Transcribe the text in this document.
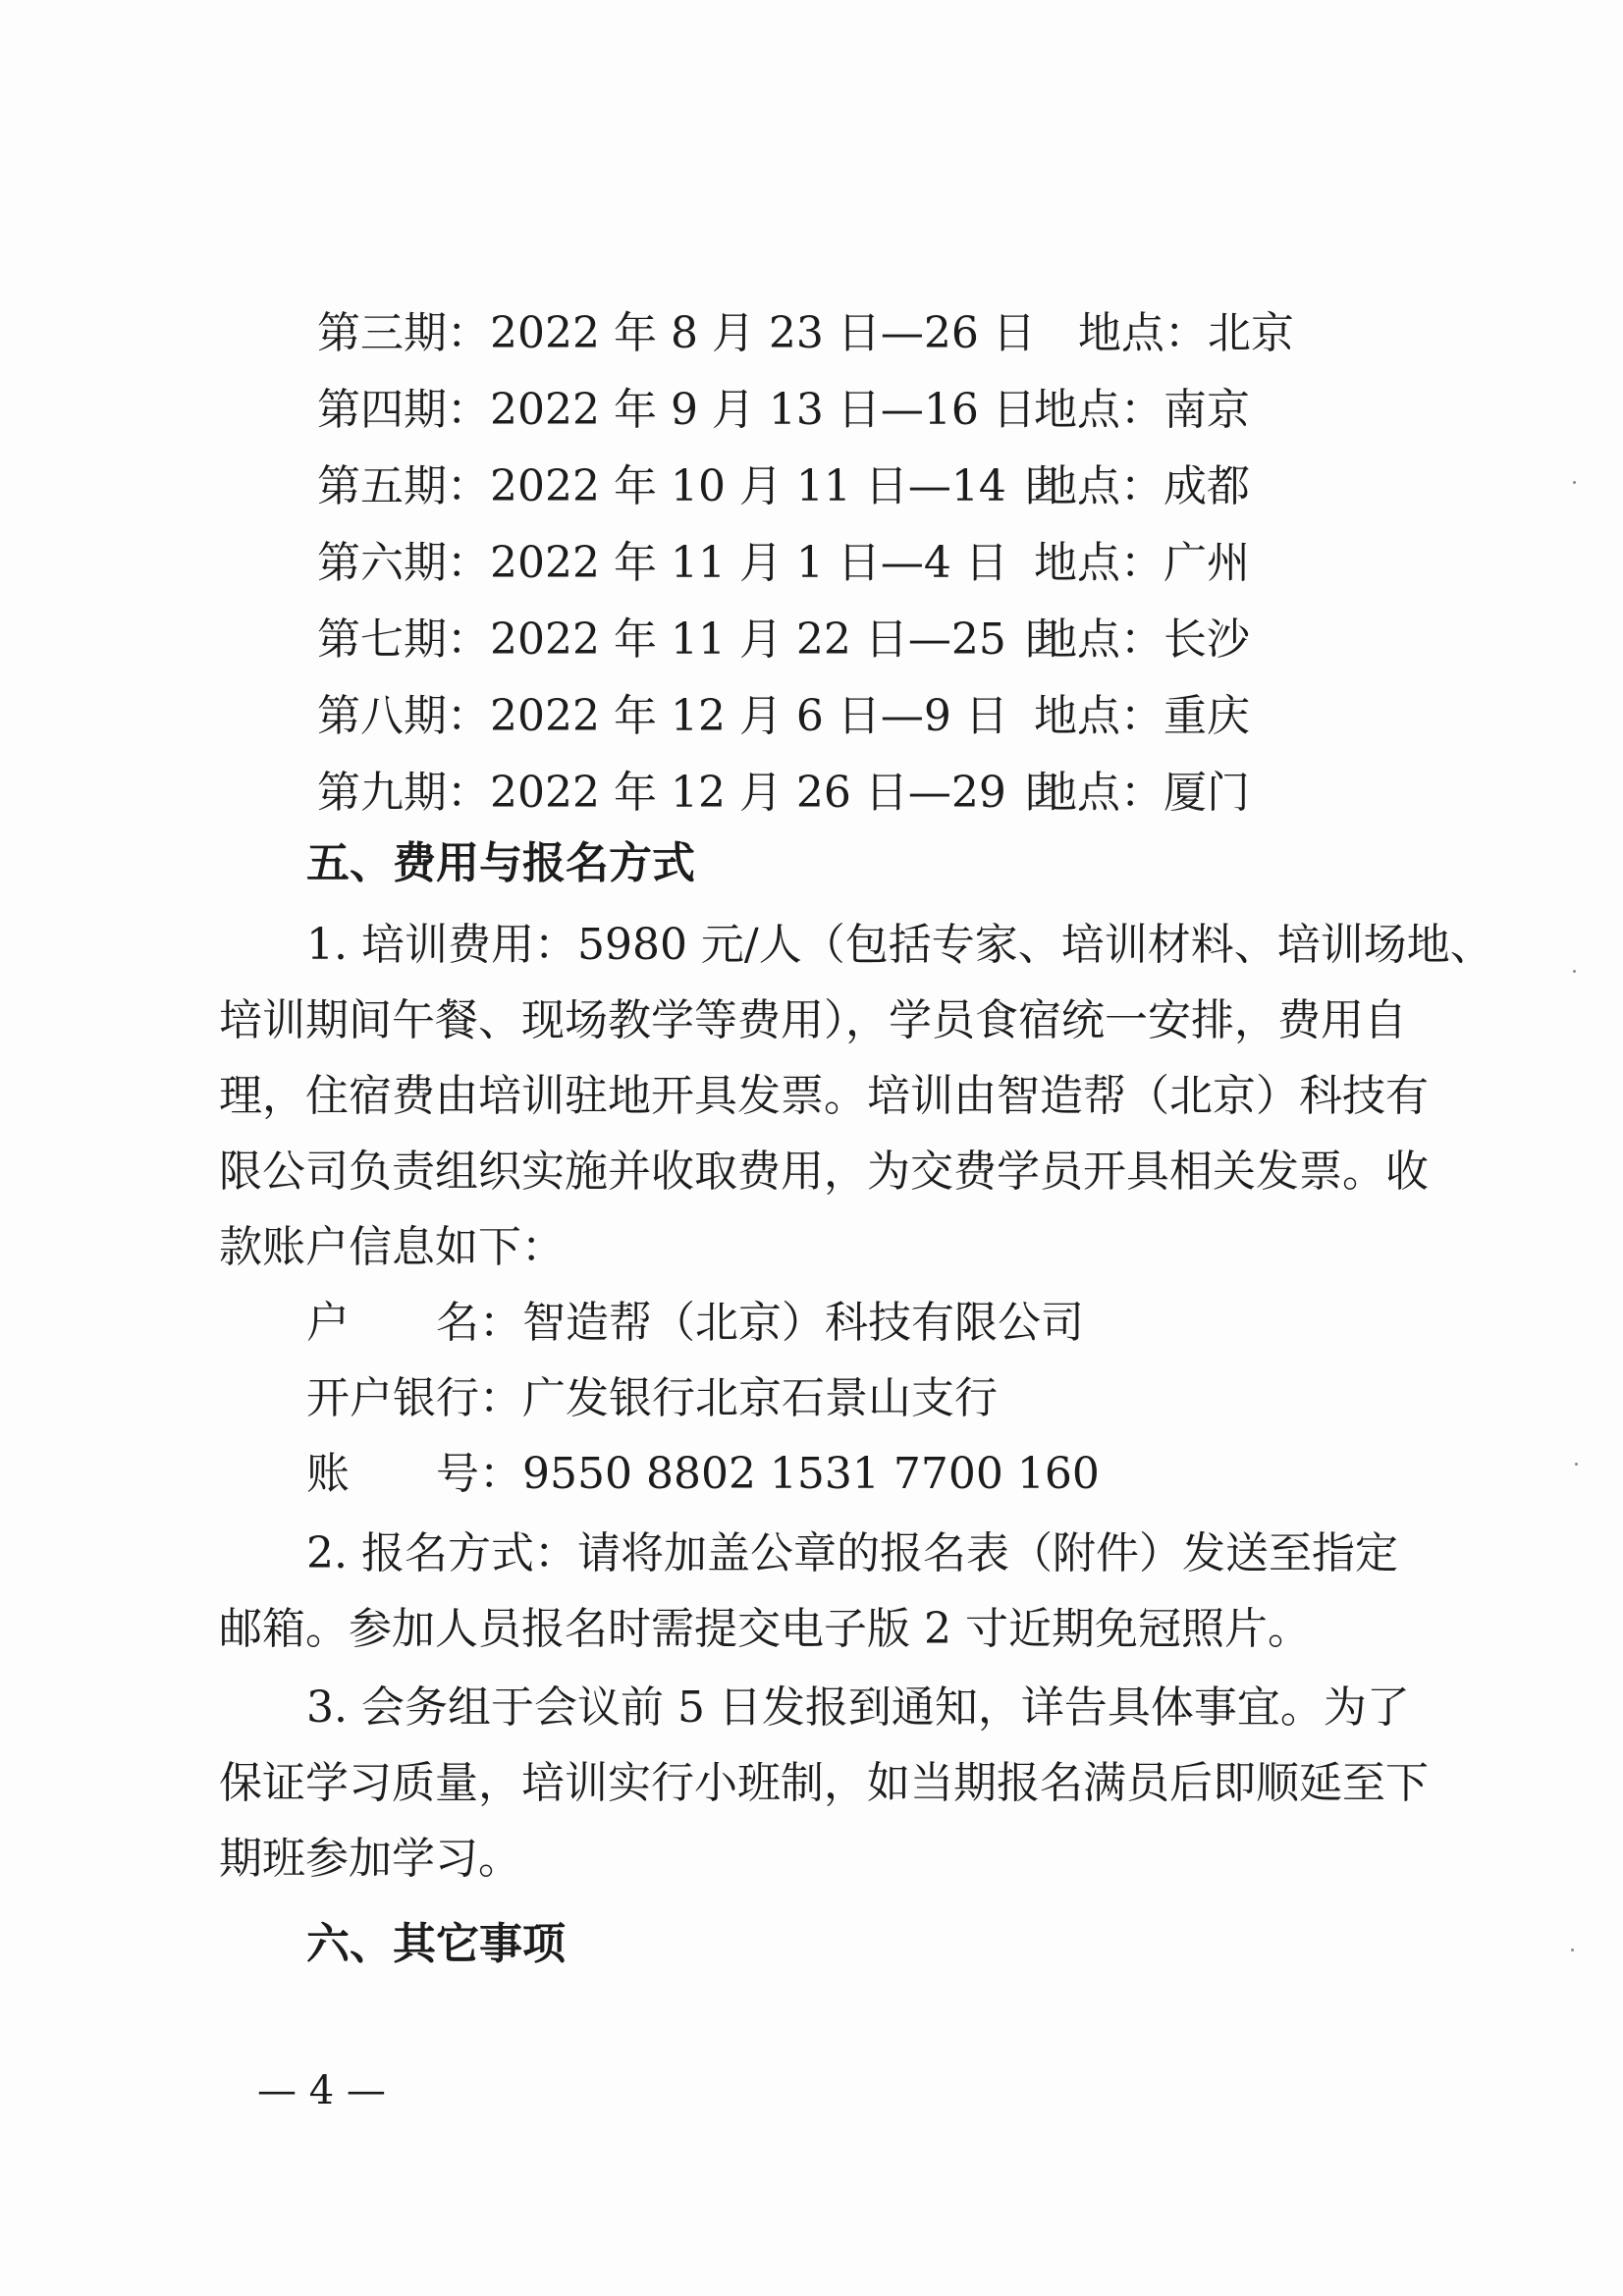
第三期：2022 年 8 月 23 日—26 日 地点：北京
第四期：2022 年 9 月 13 日—16 日
地点：南京
第五期：2022 年 10 月 11 日—14 日
地点：成都
第六期：2022 年 11 月 1 日—4 日 地点：广州
第七期：2022 年 11 月 22 日—25 日
地点：长沙
第八期：2022 年 12 月 6 日—9 日 地点：重庆
第九期：2022 年 12 月 26 日—29 日
地点：厦门
五、费用与报名方式
1. 培训费用：5980 元/人（包括专家、培训材料、培训场地、
培训期间午餐、现场教学等费用），学员食宿统一安排，费用自
理，住宿费由培训驻地开具发票。培训由智造帮（北京）科技有
限公司负责组织实施并收取费用，为交费学员开具相关发票。收
款账户信息如下：
户　　名：智造帮（北京）科技有限公司
开户银行：广发银行北京石景山支行
账　　号：9550 8802 1531 7700 160
2. 报名方式：请将加盖公章的报名表（附件）发送至指定
邮箱。参加人员报名时需提交电子版 2 寸近期免冠照片。
3. 会务组于会议前 5 日发报到通知，详告具体事宜。为了
保证学习质量，培训实行小班制，如当期报名满员后即顺延至下
期班参加学习。
六、其它事项
— 4 —
